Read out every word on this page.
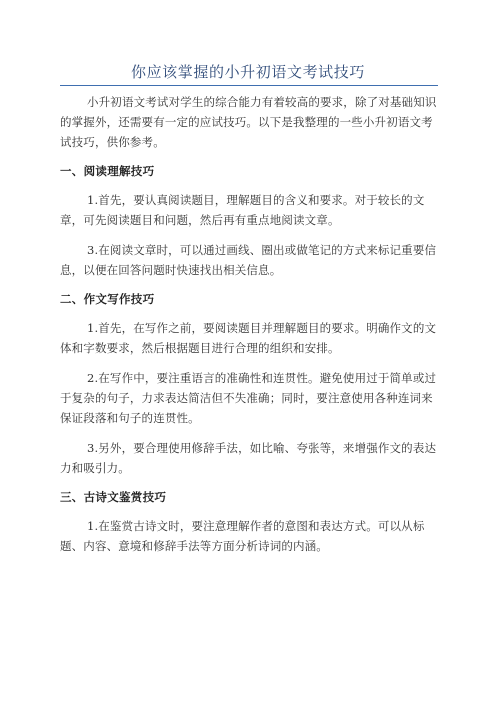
你应该掌握的小升初语文考试技巧

小升初语文考试对学生的综合能力有着较高的要求，除了对基础知识的掌握外，还需要有一定的应试技巧。以下是我整理的一些小升初语文考试技巧，供你参考。

一、阅读理解技巧

1.首先，要认真阅读题目，理解题目的含义和要求。对于较长的文章，可先阅读题目和问题，然后再有重点地阅读文章。

3.在阅读文章时，可以通过画线、圈出或做笔记的方式来标记重要信息，以便在回答问题时快速找出相关信息。

二、作文写作技巧

1.首先，在写作之前，要阅读题目并理解题目的要求。明确作文的文体和字数要求，然后根据题目进行合理的组织和安排。

2.在写作中，要注重语言的准确性和连贯性。避免使用过于简单或过于复杂的句子，力求表达简洁但不失准确；同时，要注意使用各种连词来保证段落和句子的连贯性。

3.另外，要合理使用修辞手法，如比喻、夸张等，来增强作文的表达力和吸引力。

三、古诗文鉴赏技巧

1.在鉴赏古诗文时，要注意理解作者的意图和表达方式。可以从标题、内容、意境和修辞手法等方面分析诗词的内涵。
